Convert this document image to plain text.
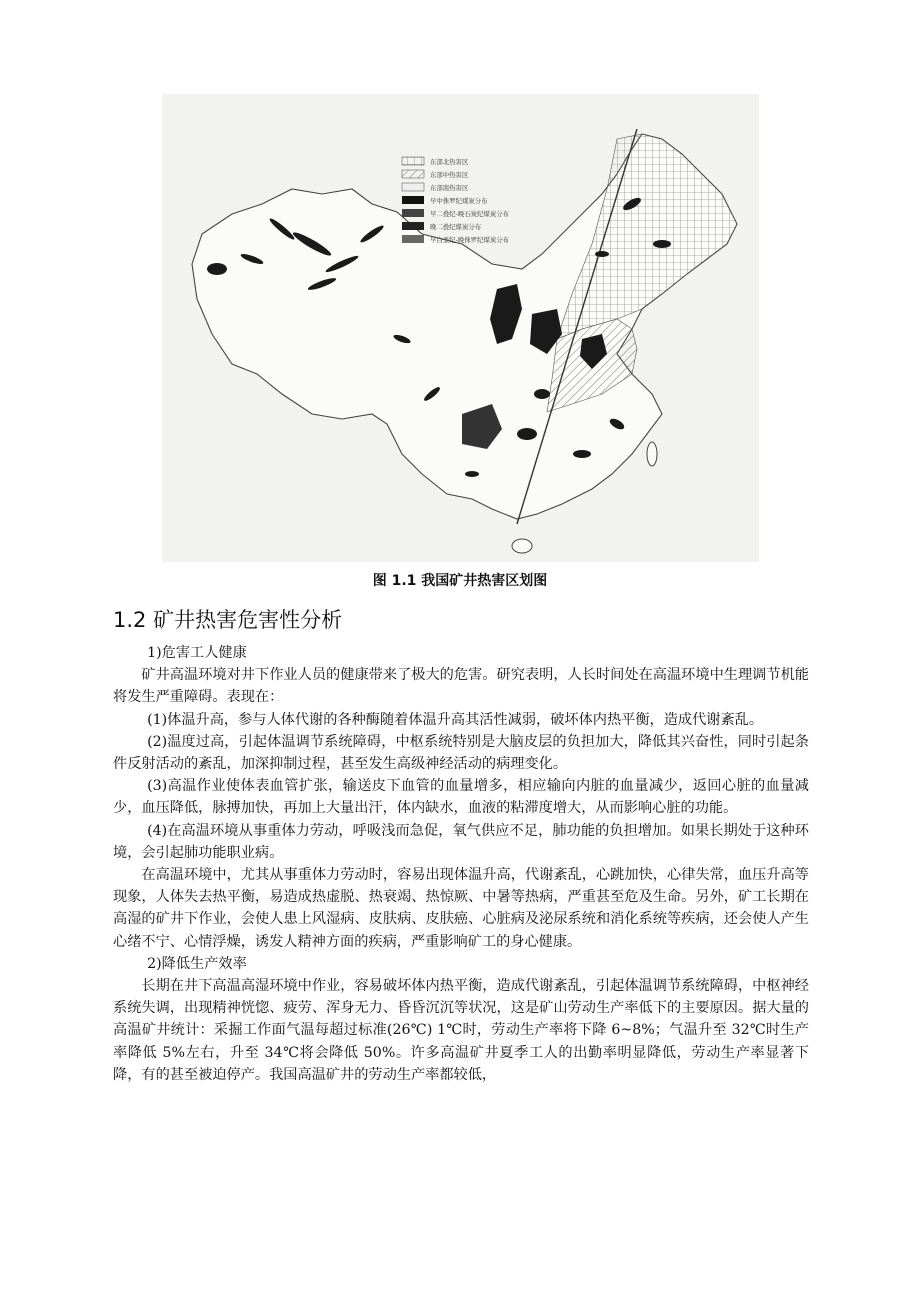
东部北热害区
东部中热害区
东部南热害区
早中侏罗纪煤炭分布
早二叠纪-晚石炭纪煤炭分布
晚二叠纪煤炭分布
早白垩纪-晚侏罗纪煤炭分布
图 1.1 我国矿井热害区划图
1.2 矿井热害危害性分析

1)危害工人健康

矿井高温环境对井下作业人员的健康带来了极大的危害。研究表明，人长时间处在高温环境中生理调节机能将发生严重障碍。表现在：

(1)体温升高，参与人体代谢的各种酶随着体温升高其活性减弱，破坏体内热平衡，造成代谢紊乱。

(2)温度过高，引起体温调节系统障碍，中枢系统特别是大脑皮层的负担加大，降低其兴奋性，同时引起条件反射活动的紊乱，加深抑制过程，甚至发生高级神经活动的病理变化。

(3)高温作业使体表血管扩张，输送皮下血管的血量增多，相应输向内脏的血量减少，返回心脏的血量减少，血压降低，脉搏加快，再加上大量出汗，体内缺水，血液的粘滞度增大，从而影响心脏的功能。

(4)在高温环境从事重体力劳动，呼吸浅而急促，氧气供应不足，肺功能的负担增加。如果长期处于这种环境，会引起肺功能职业病。

在高温环境中，尤其从事重体力劳动时，容易出现体温升高，代谢紊乱，心跳加快，心律失常，血压升高等现象，人体失去热平衡，易造成热虚脱、热衰竭、热惊厥、中暑等热病，严重甚至危及生命。另外，矿工长期在高湿的矿井下作业，会使人患上风湿病、皮肤病、皮肤癌、心脏病及泌尿系统和消化系统等疾病，还会使人产生心绪不宁、心情浮燥，诱发人精神方面的疾病，严重影响矿工的身心健康。

2)降低生产效率

长期在井下高温高湿环境中作业，容易破坏体内热平衡，造成代谢紊乱，引起体温调节系统障碍，中枢神经系统失调，出现精神恍惚、疲劳、浑身无力、昏昏沉沉等状况，这是矿山劳动生产率低下的主要原因。据大量的高温矿井统计：采掘工作面气温每超过标准(26℃) 1℃时，劳动生产率将下降 6~8%；气温升至 32℃时生产率降低 5%左右，升至 34℃将会降低 50%。许多高温矿井夏季工人的出勤率明显降低，劳动生产率显著下降，有的甚至被迫停产。我国高温矿井的劳动生产率都较低，
